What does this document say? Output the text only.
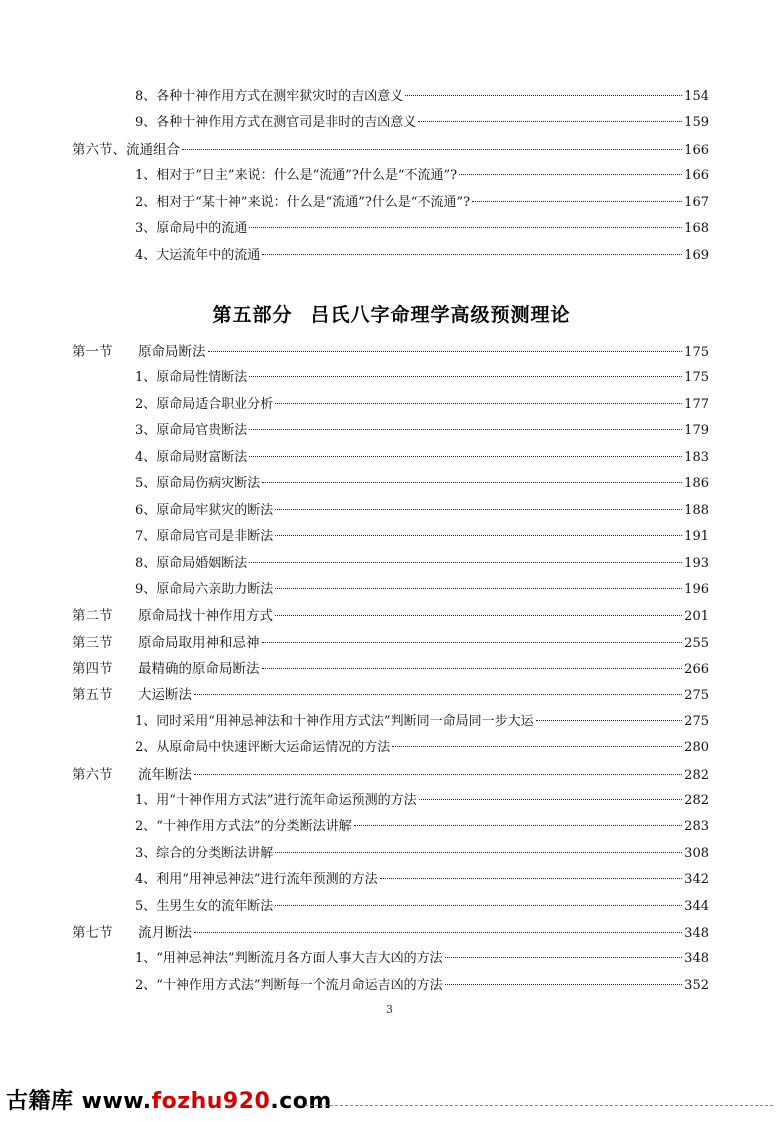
8、各种十神作用方式在测牢狱灾时的吉凶意义	154
9、各种十神作用方式在测官司是非时的吉凶意义	159
第六节、流通组合	166
1、相对于“日主”来说：什么是“流通”?什么是“不流通”?	166
2、相对于“某十神”来说：什么是“流通”?什么是“不流通”?	167
3、原命局中的流通	168
4、大运流年中的流通	169
第五部分 吕氏八字命理学高级预测理论
第一节 原命局断法	175
1、原命局性情断法	175
2、原命局适合职业分析	177
3、原命局官贵断法	179
4、原命局财富断法	183
5、原命局伤病灾断法	186
6、原命局牢狱灾的断法	188
7、原命局官司是非断法	191
8、原命局婚姻断法	193
9、原命局六亲助力断法	196
第二节 原命局找十神作用方式	201
第三节 原命局取用神和忌神	255
第四节 最精确的原命局断法	266
第五节 大运断法	275
1、同时采用“用神忌神法和十神作用方式法”判断同一命局同一步大运	275
2、从原命局中快速评断大运命运情况的方法	280
第六节 流年断法	282
1、用“十神作用方式法”进行流年命运预测的方法	282
2、“十神作用方式法”的分类断法讲解	283
3、综合的分类断法讲解	308
4、利用“用神忌神法”进行流年预测的方法	342
5、生男生女的流年断法	344
第七节 流月断法	348
1、“用神忌神法”判断流月各方面人事大吉大凶的方法	348
2、“十神作用方式法”判断每一个流月命运吉凶的方法	352
3
古籍库 www.fozhu920.com
